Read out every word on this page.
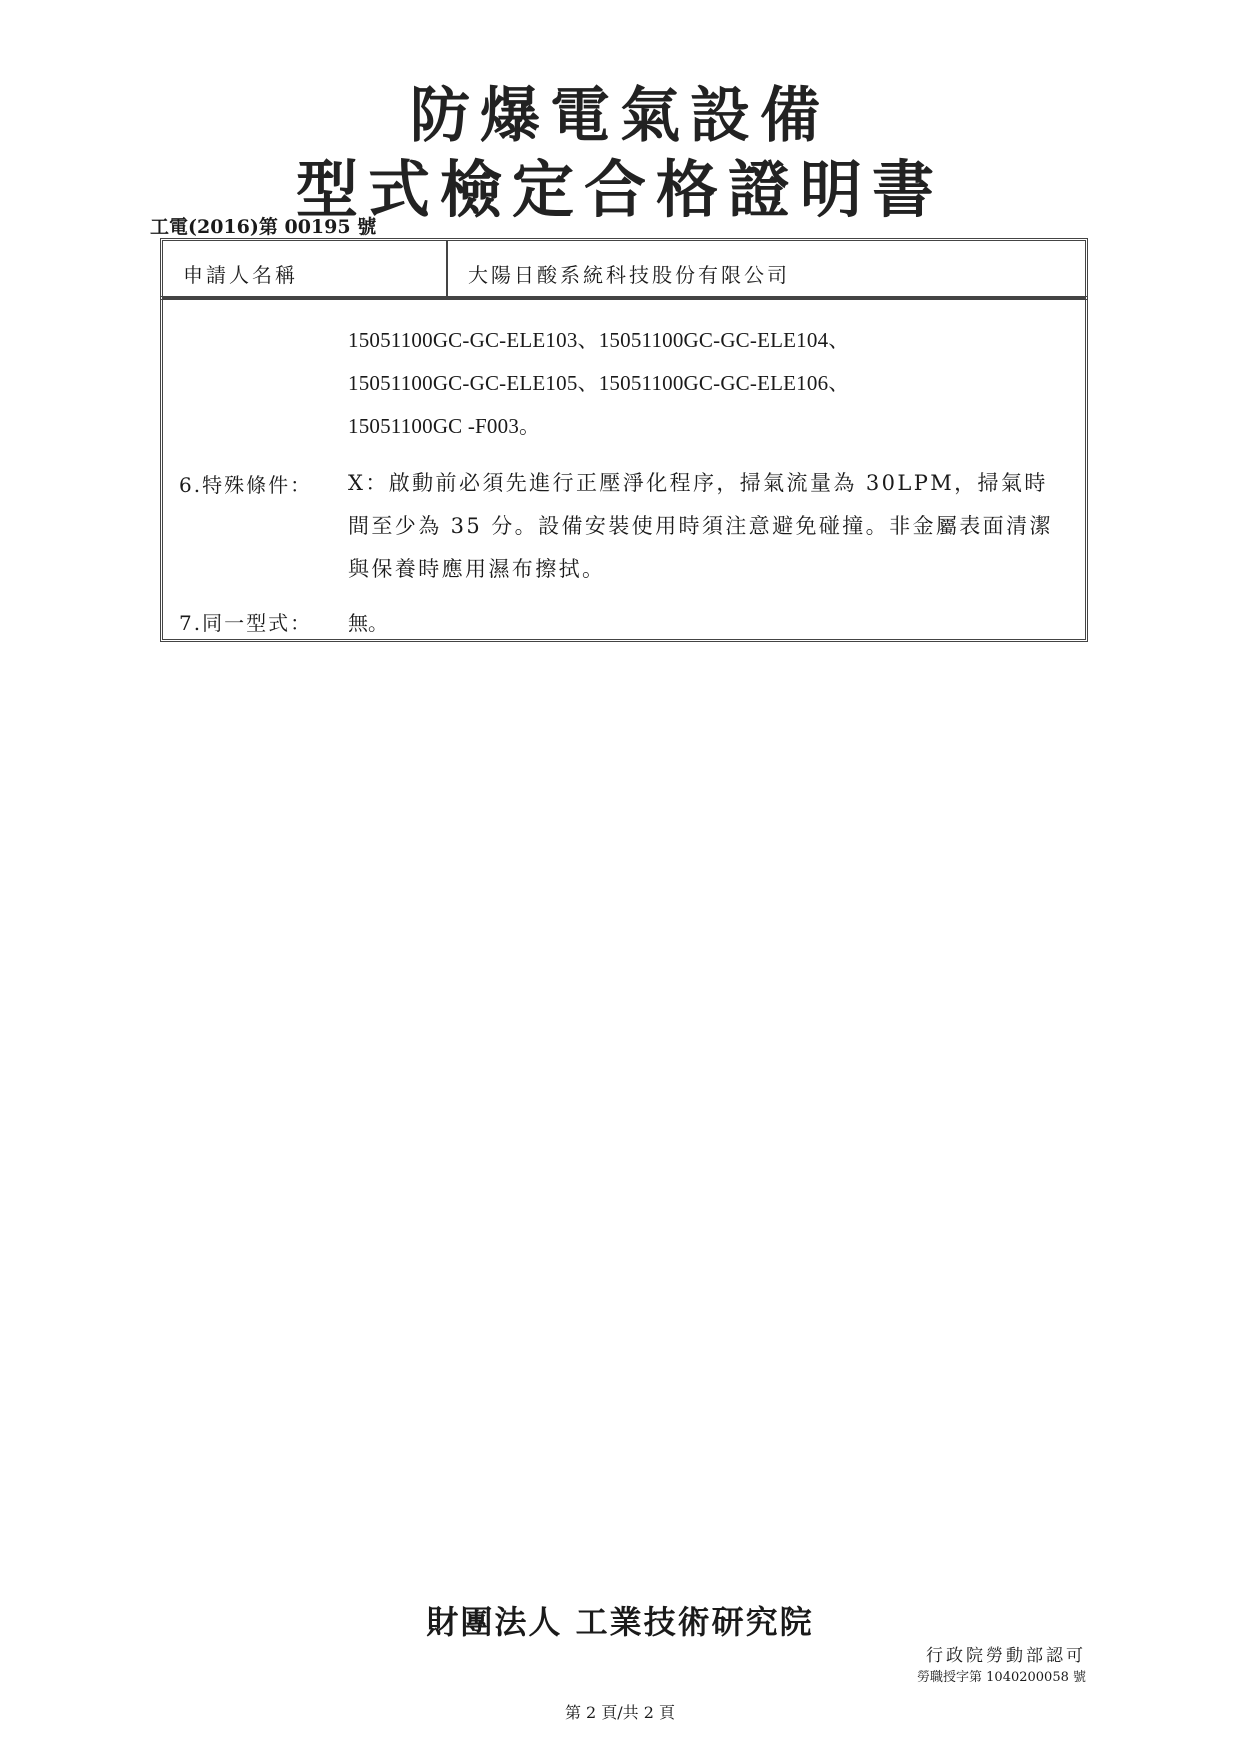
防爆電氣設備
型式檢定合格證明書
工電(2016)第 00195 號
申請人名稱	大陽日酸系統科技股份有限公司
15051100GC-GC-ELE103、15051100GC-GC-ELE104、
15051100GC-GC-ELE105、15051100GC-GC-ELE106、
15051100GC -F003。
6.特殊條件： X：啟動前必須先進行正壓淨化程序，掃氣流量為 30LPM，掃氣時
間至少為 35 分。設備安裝使用時須注意避免碰撞。非金屬表面清潔
與保養時應用濕布擦拭。
7.同一型式： 無。
財團法人 工業技術研究院
行政院勞動部認可
勞職授字第 1040200058 號
第 2 頁/共 2 頁
